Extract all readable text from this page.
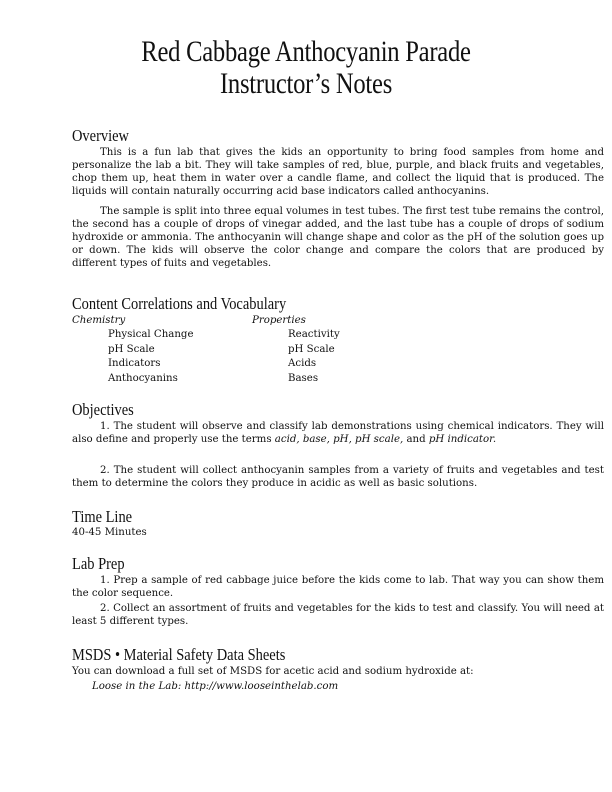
Red Cabbage Anthocyanin Parade
Instructor’s Notes
Overview

This is a fun lab that gives the kids an opportunity to bring food samples from home and personalize the lab a bit. They will take samples of red, blue, purple, and black fruits and vegetables, chop them up, heat them in water over a candle flame, and collect the liquid that is produced. The liquids will contain naturally occurring acid base indicators called anthocyanins.

The sample is split into three equal volumes in test tubes. The first test tube remains the control, the second has a couple of drops of vinegar added, and the last tube has a couple of drops of sodium hydroxide or ammonia. The anthocyanin will change shape and color as the pH of the solution goes up or down. The kids will observe the color change and compare the colors that are produced by different types of fuits and vegetables.

Content Correlations and Vocabulary
Chemistry	Properties
Physical Change
pH Scale
Indicators
Anthocyanins
Reactivity
pH Scale
Acids
Bases
Objectives

1. The student will observe and classify lab demonstrations using chemical indicators. They will also define and properly use the terms acid, base, pH, pH scale, and pH indicator.

2. The student will collect anthocyanin samples from a variety of fruits and vegetables and test them to determine the colors they produce in acidic as well as basic solutions.

Time Line
40-45 Minutes
Lab Prep

1. Prep a sample of red cabbage juice before the kids come to lab. That way you can show them the color sequence.

2. Collect an assortment of fruits and vegetables for the kids to test and classify. You will need at least 5 different types.

MSDS • Material Safety Data Sheets
You can download a full set of MSDS for acetic acid and sodium hydroxide at:
Loose in the Lab: http://www.looseinthelab.com
